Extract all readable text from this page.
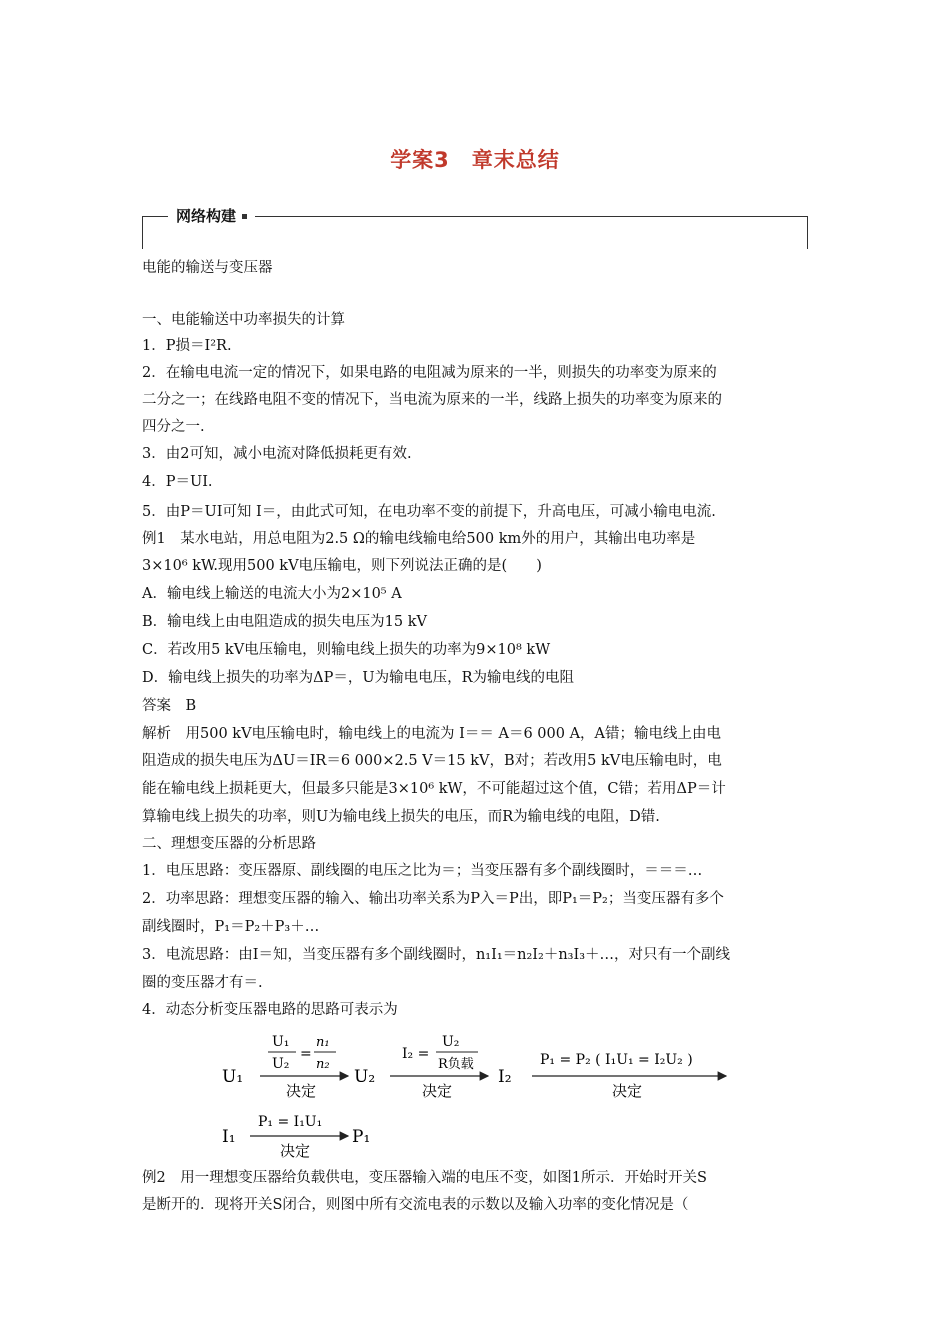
学案3　章末总结
网络构建
电能的输送与变压器
一、电能输送中功率损失的计算
1．P损＝I²R.
2．在输电电流一定的情况下，如果电路的电阻减为原来的一半，则损失的功率变为原来的
二分之一；在线路电阻不变的情况下，当电流为原来的一半，线路上损失的功率变为原来的
四分之一.
3．由2可知，减小电流对降低损耗更有效.
4．P＝UI.
5．由P＝UI可知 I＝，由此式可知，在电功率不变的前提下，升高电压，可减小输电电流.
例1　某水电站，用总电阻为2.5 Ω的输电线输电给500 km外的用户，其输出电功率是
3×10⁶ kW.现用500 kV电压输电，则下列说法正确的是(　　)
A．输电线上输送的电流大小为2×10⁵ A
B．输电线上由电阻造成的损失电压为15 kV
C．若改用5 kV电压输电，则输电线上损失的功率为9×10⁸ kW
D．输电线上损失的功率为ΔP＝，U为输电电压，R为输电线的电阻
答案　B
解析　用500 kV电压输电时，输电线上的电流为 I＝＝ A＝6 000 A，A错；输电线上由电
阻造成的损失电压为ΔU＝IR＝6 000×2.5 V＝15 kV，B对；若改用5 kV电压输电时，电
能在输电线上损耗更大，但最多只能是3×10⁶ kW，不可能超过这个值，C错；若用ΔP＝计
算输电线上损失的功率，则U为输电线上损失的电压，而R为输电线的电阻，D错.
二、理想变压器的分析思路
1．电压思路：变压器原、副线圈的电压之比为＝；当变压器有多个副线圈时，＝＝＝…
2．功率思路：理想变压器的输入、输出功率关系为P入＝P出，即P₁＝P₂；当变压器有多个
副线圈时，P₁＝P₂＋P₃＋…
3．电流思路：由I＝知，当变压器有多个副线圈时，n₁I₁＝n₂I₂＋n₃I₃＋…，对只有一个副线
圈的变压器才有＝.
4．动态分析变压器电路的思路可表示为
U₁
U₁
U₂
=
n₁
n₂
决定
U₂
I₂ =
U₂
R负载
决定
I₂
P₁ = P₂ ( I₁U₁ = I₂U₂ )
决定
I₁
P₁ = I₁U₁
决定
P₁
例2　用一理想变压器给负载供电，变压器输入端的电压不变，如图1所示．开始时开关S
是断开的．现将开关S闭合，则图中所有交流电表的示数以及输入功率的变化情况是（
